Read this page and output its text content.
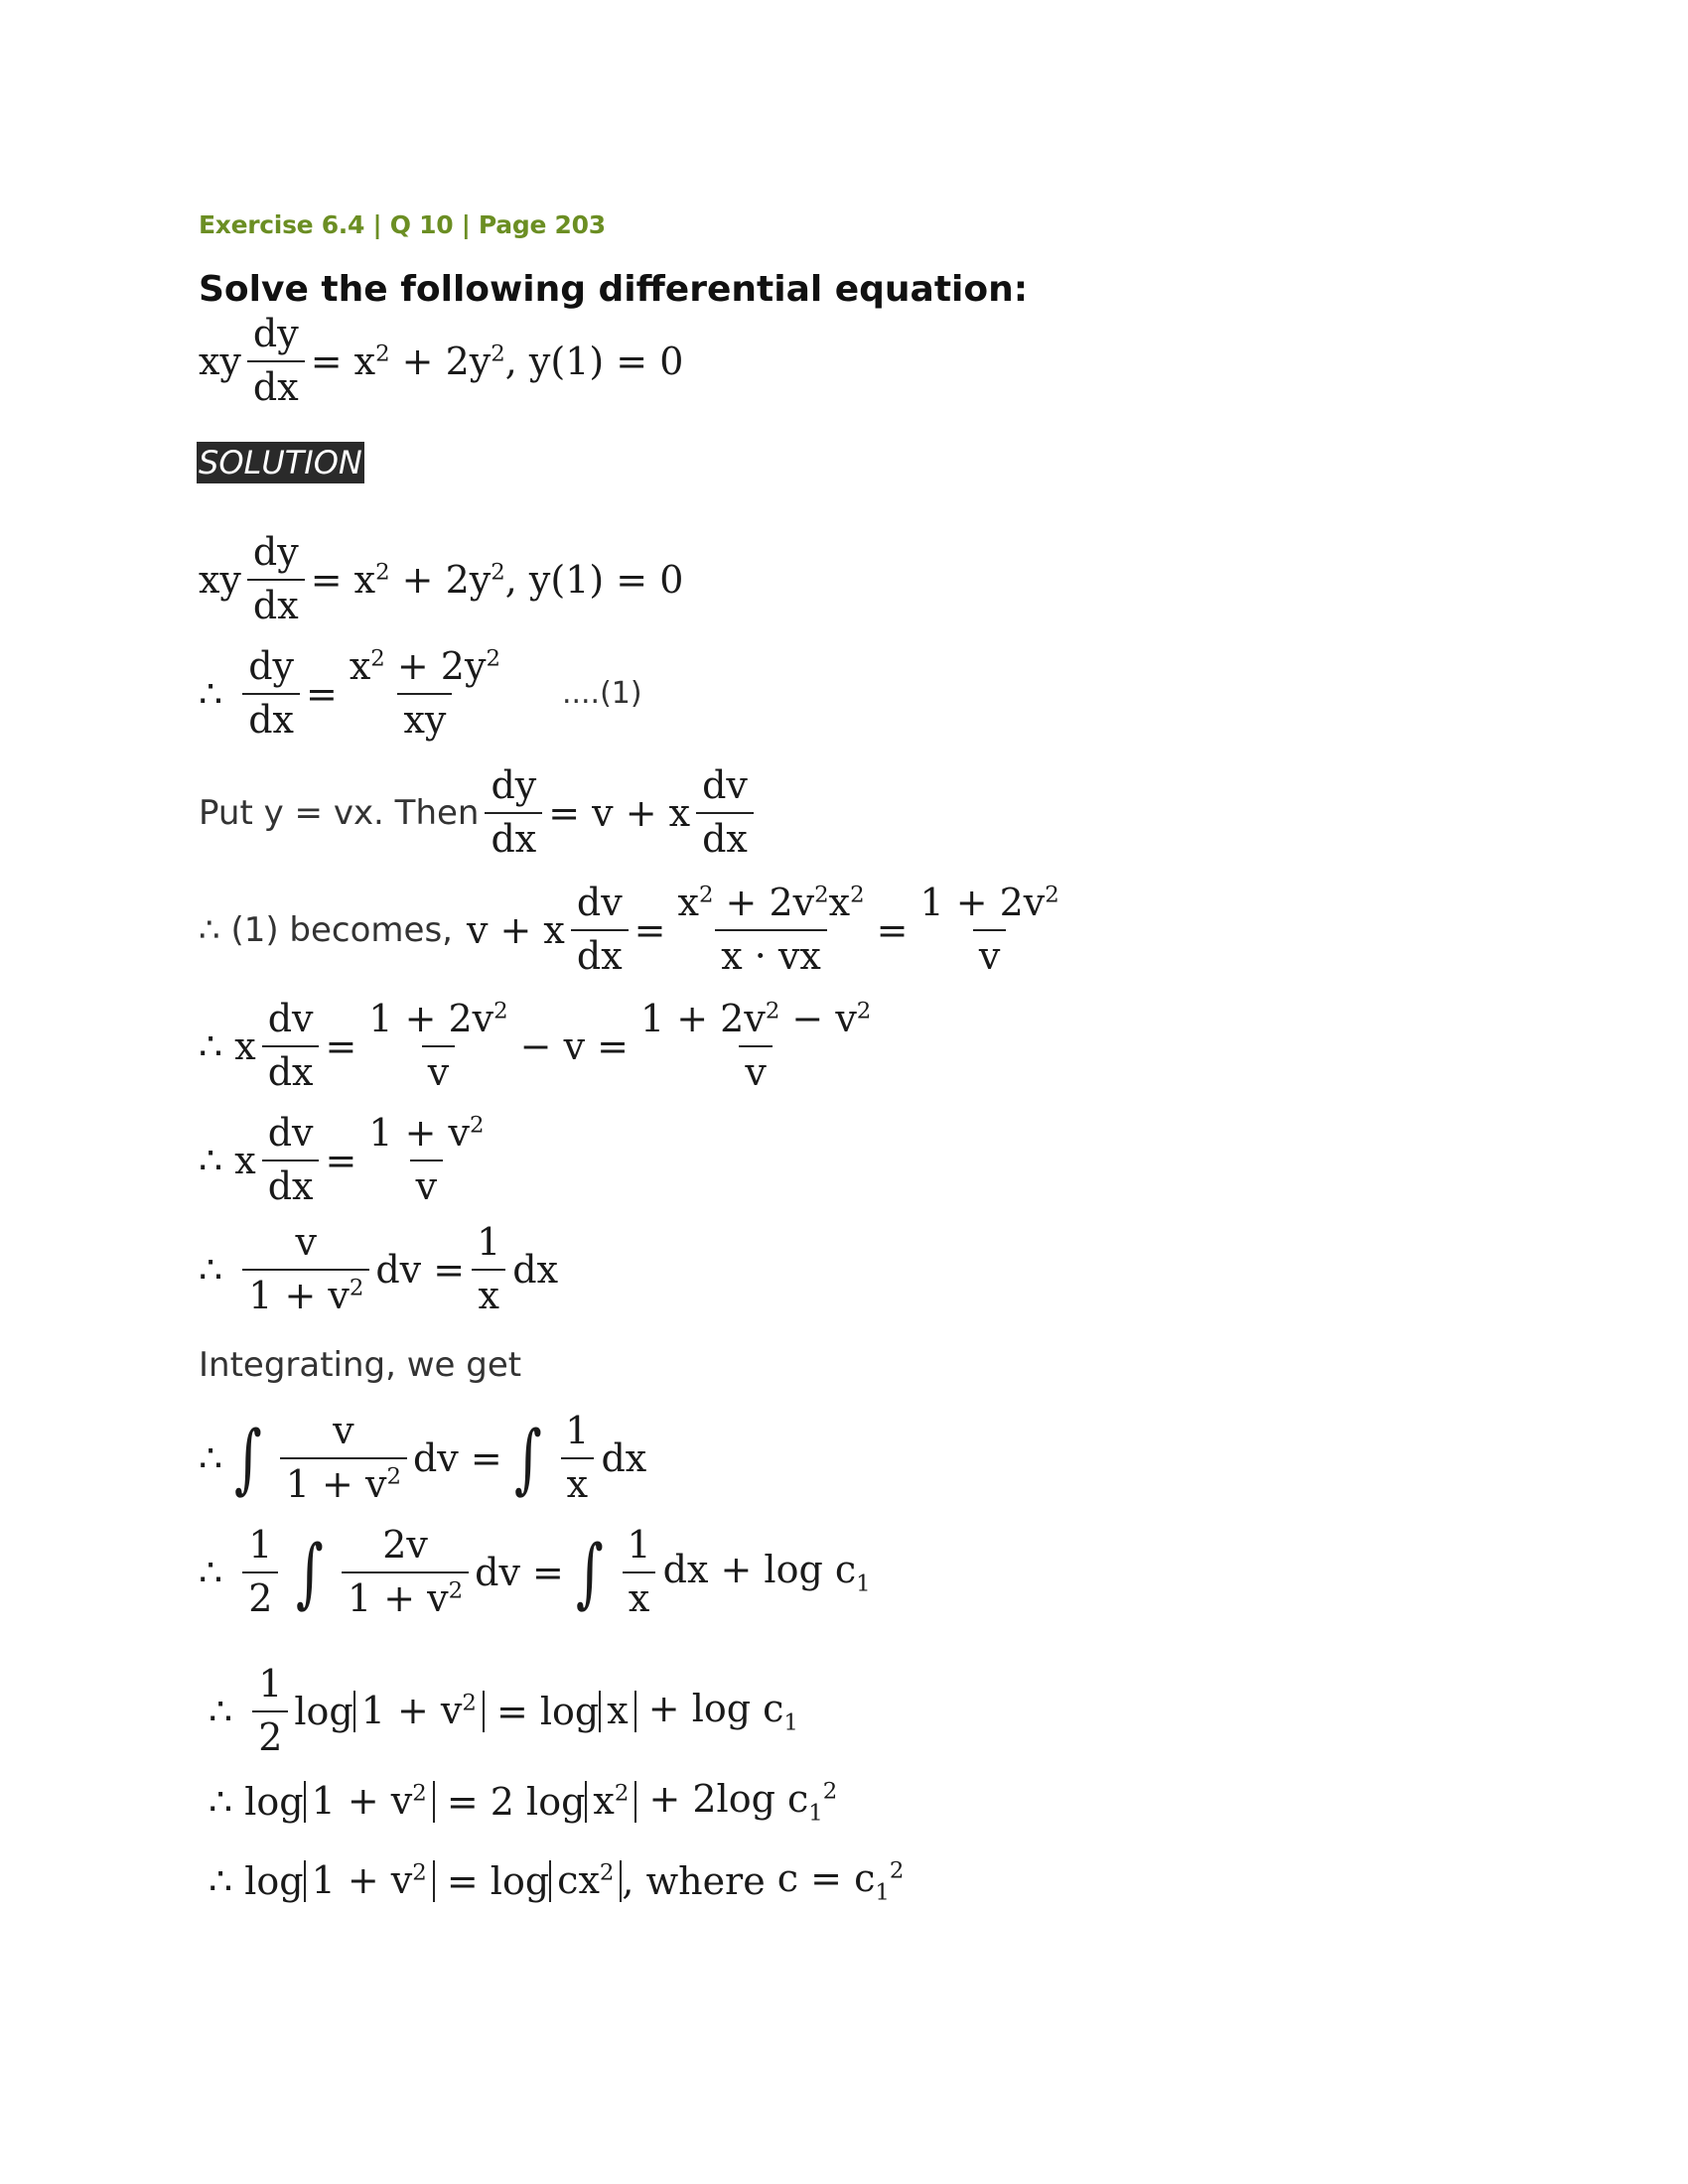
Exercise 6.4 | Q 10 | Page 203
Solve the following differential equation:
xy $\frac{dy}{dx} = x^2 + 2y^2$, y(1) = 0
SOLUTION
xy $\frac{dy}{dx} = x^2 + 2y^2$, y(1) = 0
∴ $\frac{dy}{dx} = \frac{x^2 + 2y^2}{xy} ....(1)$
Put y = vx. Then $\frac{dy}{dx} = v + x \frac{dv}{dx}$
∴ (1) becomes, v + x $\frac{dv}{dx} = \frac{x^2 + 2v^2x^2}{x \cdot vx} = \frac{1 + 2v^2}{v}$
∴ x $\frac{dv}{dx} = \frac{1 + 2v^2}{v} - v = \frac{1 + 2v^2 - v^2}{v}$
∴ x $\frac{dv}{dx} = \frac{1 + v^2}{v}$
∴ $\frac{v}{1 + v^2}$ dv = $\frac{1}{x}$ dx
Integrating, we get
∴ ∫ $\frac{v}{1 + v^2}$ dv = ∫ $\frac{1}{x}$ dx
∴ $\frac{1}{2}$ ∫ $\frac{2v}{1 + v^2}$ dv = ∫ $\frac{1}{x}$ dx + $\log c_1$
∴ $\frac{1}{2}$ $\log 1 + v^2 = \log x + \log c_1$
∴ $\log 1 + v^2 = 2$ $\log x^2 + 2\log$ $c_1^2$
∴ $\log 1 + v^2 = \log cx^2$ , where $c = c_1^2$
